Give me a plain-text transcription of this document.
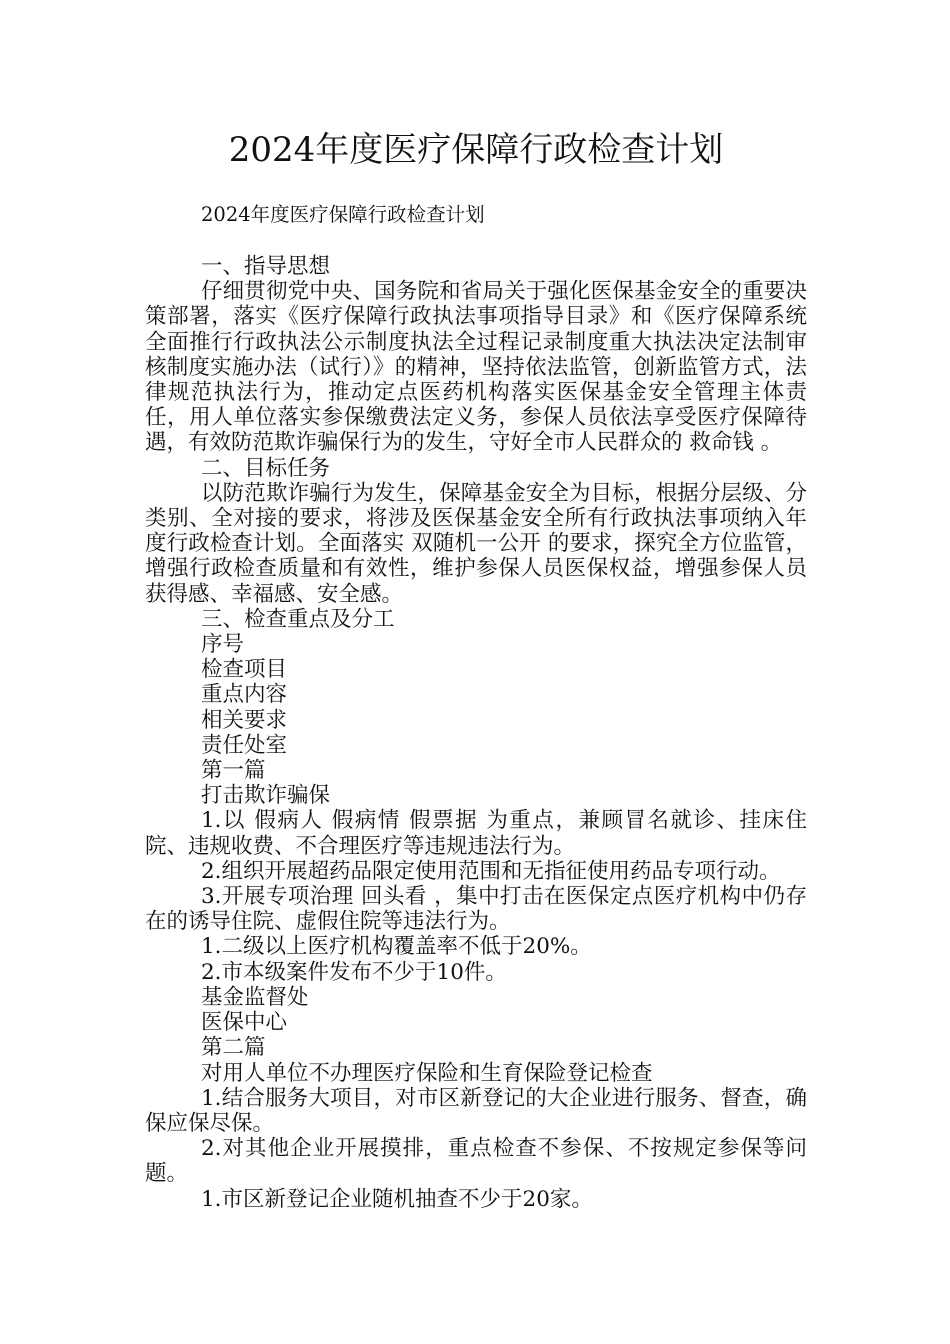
2024年度医疗保障行政检查计划
2024年度医疗保障行政检查计划

一、指导思想

仔细贯彻党中央、国务院和省局关于强化医保基金安全的重要决策部署，落实《医疗保障行政执法事项指导目录》和《医疗保障系统全面推行行政执法公示制度执法全过程记录制度重大执法决定法制审核制度实施办法（试行）》的精神，坚持依法监管，创新监管方式，法律规范执法行为，推动定点医药机构落实医保基金安全管理主体责任，用人单位落实参保缴费法定义务，参保人员依法享受医疗保障待遇，有效防范欺诈骗保行为的发生，守好全市人民群众的 救命钱 。

二、目标任务

以防范欺诈骗行为发生，保障基金安全为目标，根据分层级、分类别、全对接的要求，将涉及医保基金安全所有行政执法事项纳入年度行政检查计划。全面落实 双随机一公开 的要求，探究全方位监管，增强行政检查质量和有效性，维护参保人员医保权益，增强参保人员获得感、幸福感、安全感。

三、检查重点及分工

序号

检查项目

重点内容

相关要求

责任处室

第一篇

打击欺诈骗保

1.以 假病人 假病情 假票据 为重点，兼顾冒名就诊、挂床住院、违规收费、不合理医疗等违规违法行为。

2.组织开展超药品限定使用范围和无指征使用药品专项行动。

3.开展专项治理 回头看 ，集中打击在医保定点医疗机构中仍存在的诱导住院、虚假住院等违法行为。

1.二级以上医疗机构覆盖率不低于20%。

2.市本级案件发布不少于10件。

基金监督处

医保中心

第二篇

对用人单位不办理医疗保险和生育保险登记检查

1.结合服务大项目，对市区新登记的大企业进行服务、督查，确保应保尽保。

2.对其他企业开展摸排，重点检查不参保、不按规定参保等问题。

1.市区新登记企业随机抽查不少于20家。
